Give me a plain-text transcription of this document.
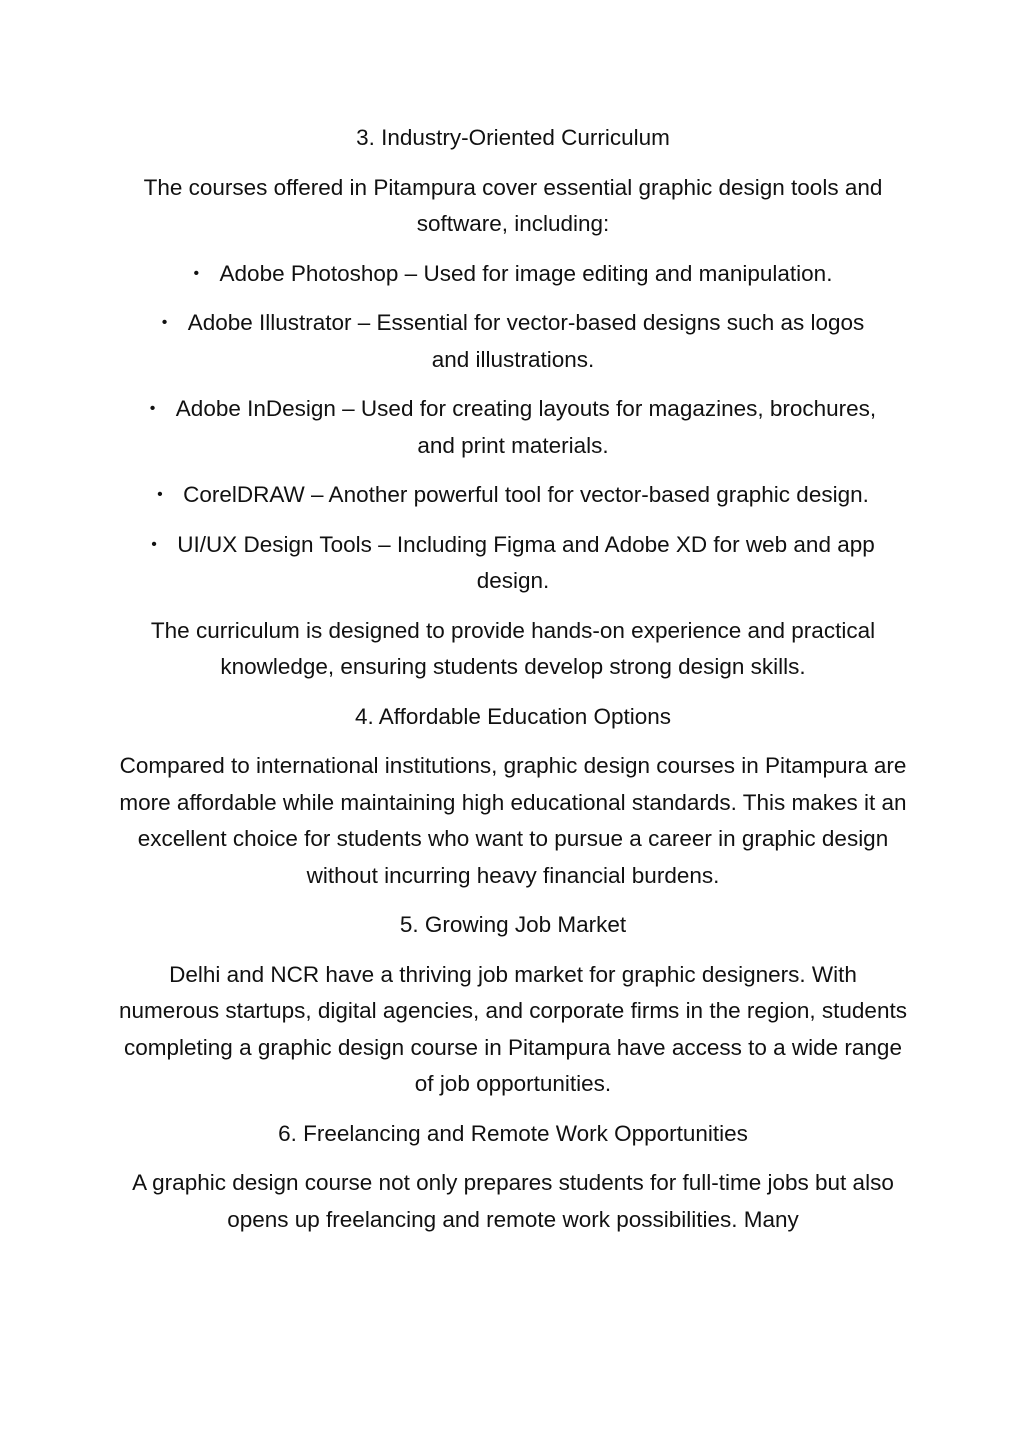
3. Industry-Oriented Curriculum
The courses offered in Pitampura cover essential graphic design tools and software, including:
• Adobe Photoshop – Used for image editing and manipulation.
• Adobe Illustrator – Essential for vector-based designs such as logos and illustrations.
• Adobe InDesign – Used for creating layouts for magazines, brochures, and print materials.
• CorelDRAW – Another powerful tool for vector-based graphic design.
• UI/UX Design Tools – Including Figma and Adobe XD for web and app design.
The curriculum is designed to provide hands-on experience and practical knowledge, ensuring students develop strong design skills.
4. Affordable Education Options
Compared to international institutions, graphic design courses in Pitampura are more affordable while maintaining high educational standards. This makes it an excellent choice for students who want to pursue a career in graphic design without incurring heavy financial burdens.
5. Growing Job Market
Delhi and NCR have a thriving job market for graphic designers. With numerous startups, digital agencies, and corporate firms in the region, students completing a graphic design course in Pitampura have access to a wide range of job opportunities.
6. Freelancing and Remote Work Opportunities
A graphic design course not only prepares students for full-time jobs but also opens up freelancing and remote work possibilities. Many
